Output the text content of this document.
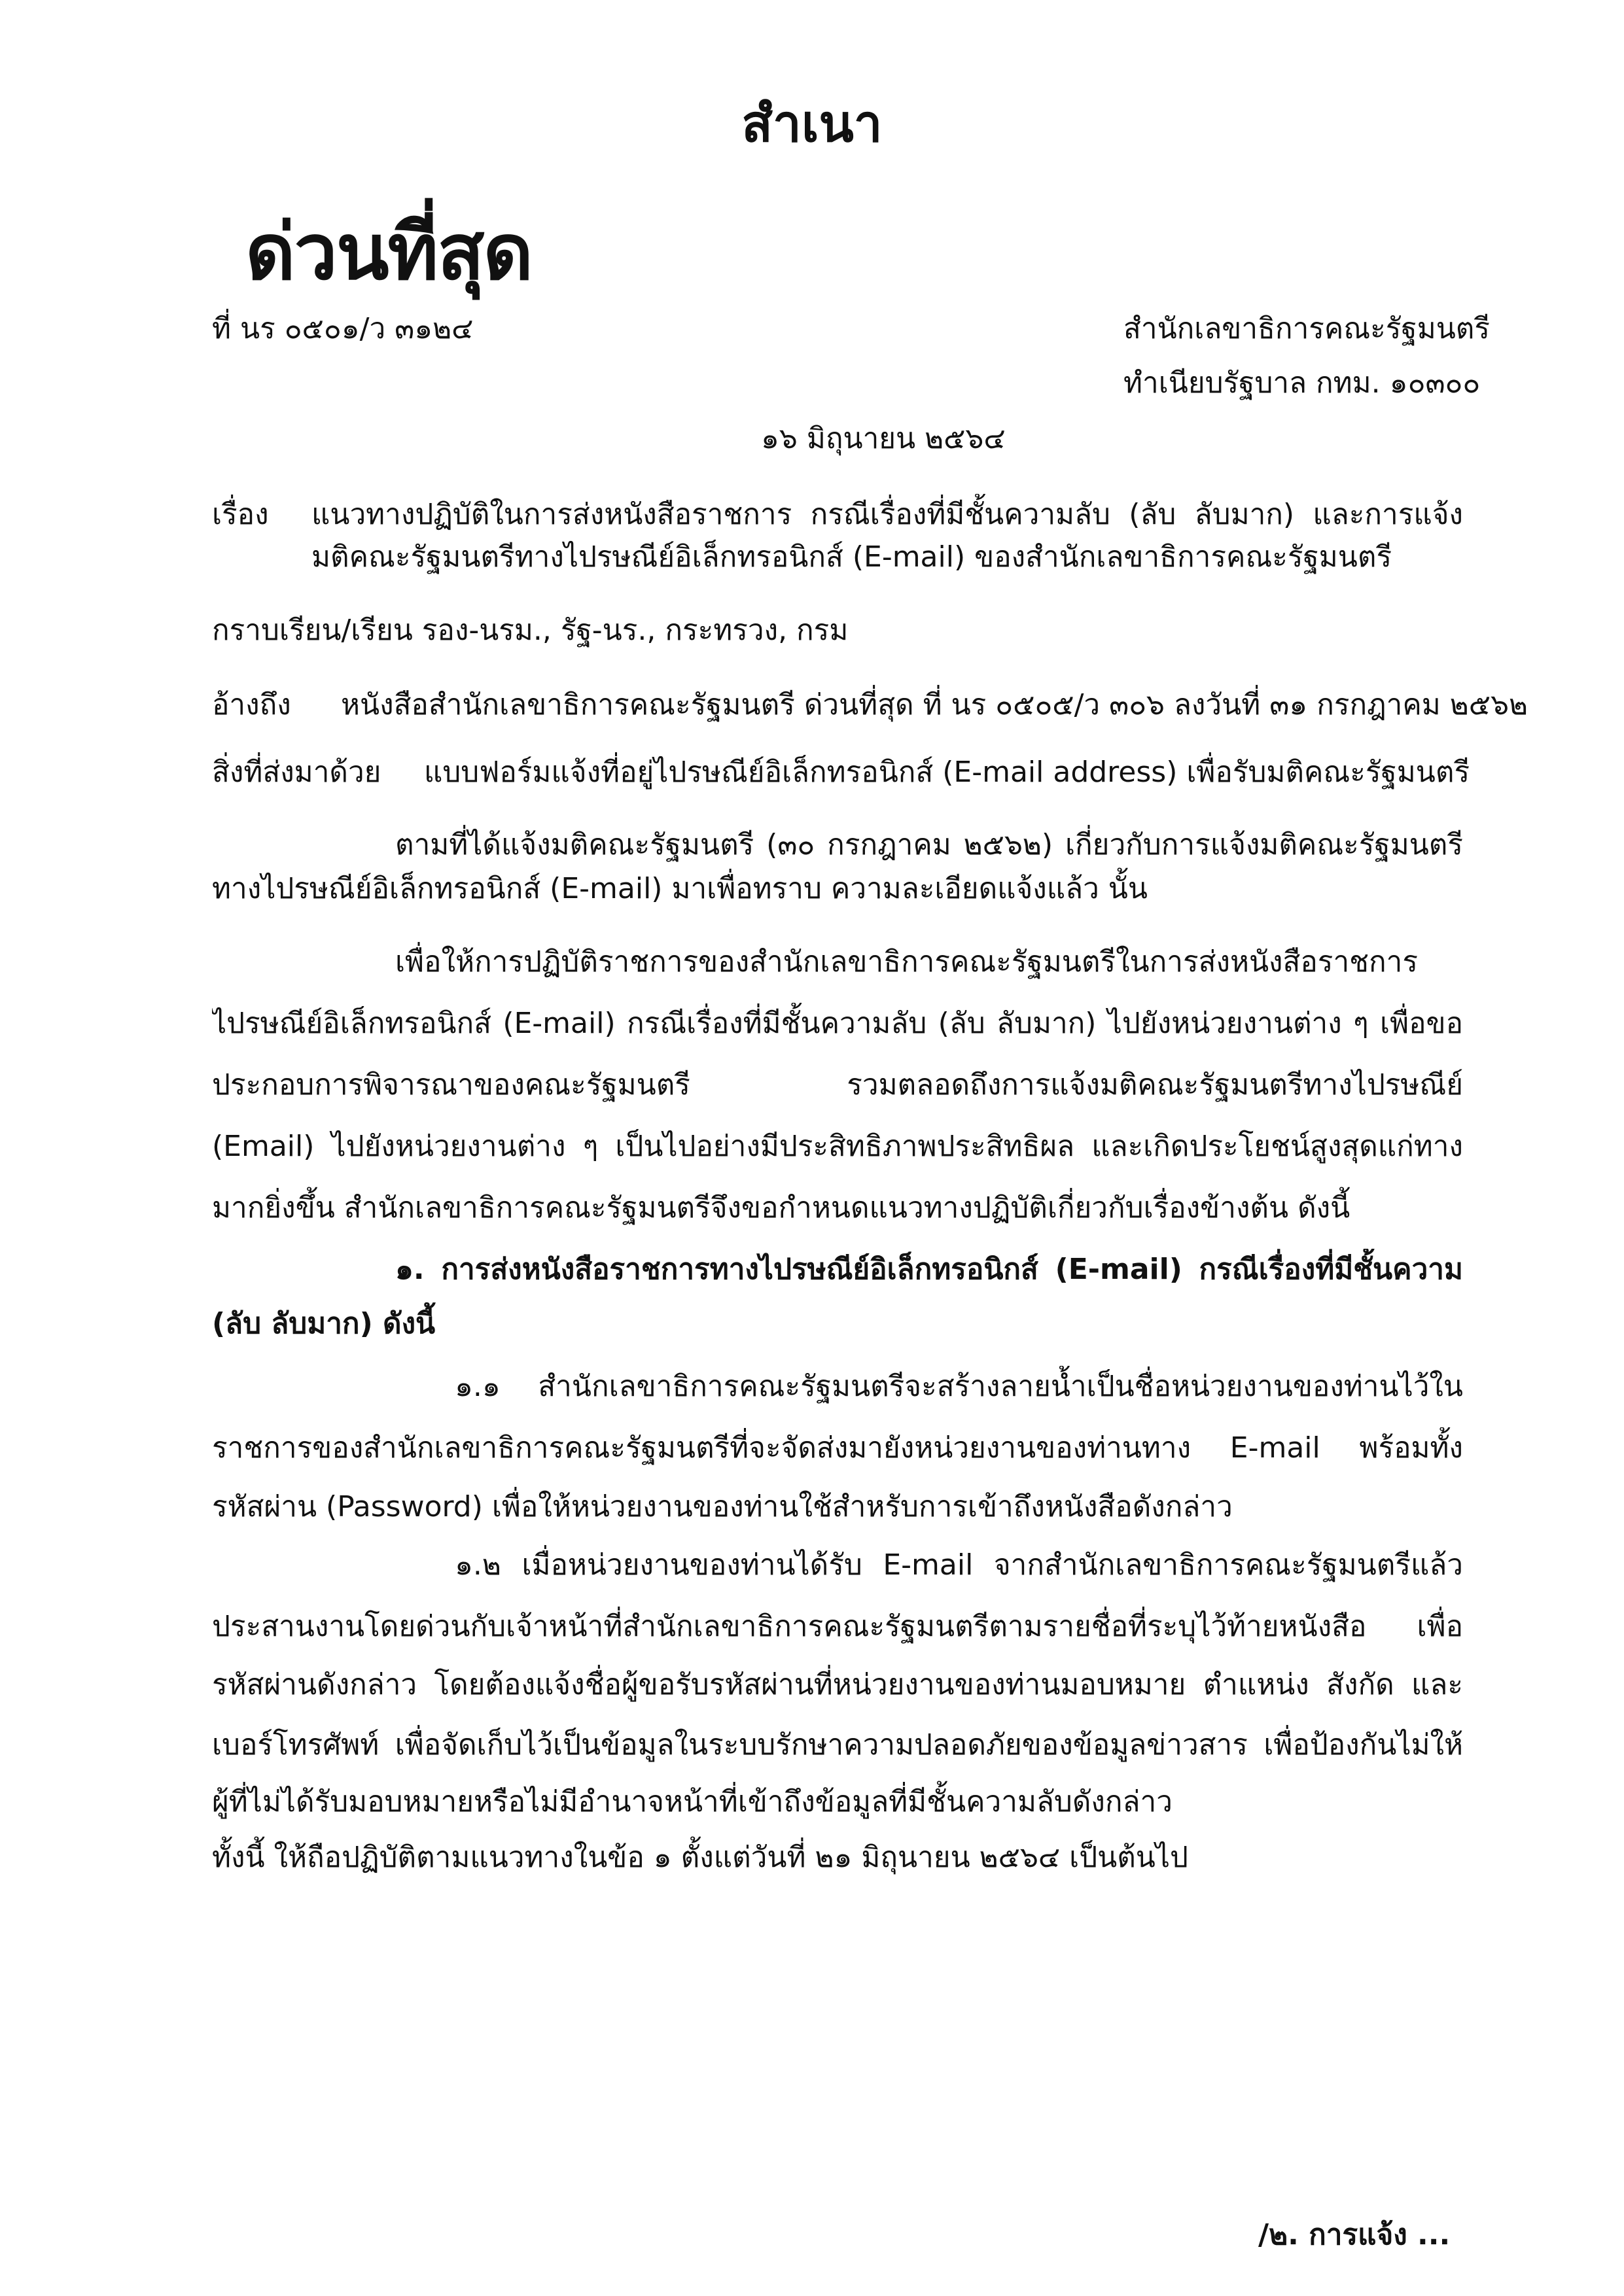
สำเนา
ด่วนที่สุด
ที่ นร ๐๕๐๑/ว ๓๑๒๔	สำนักเลขาธิการคณะรัฐมนตรี
ทำเนียบรัฐบาล กทม. ๑๐๓๐๐
๑๖ มิถุนายน ๒๕๖๔
เรื่อง แนวทางปฏิบัติในการส่งหนังสือราชการ กรณีเรื่องที่มีชั้นความลับ (ลับ ลับมาก) และการแจ้ง
มติคณะรัฐมนตรีทางไปรษณีย์อิเล็กทรอนิกส์ (E-mail) ของสำนักเลขาธิการคณะรัฐมนตรี
กราบเรียน/เรียน รอง-นรม., รัฐ-นร., กระทรวง, กรม
อ้างถึง หนังสือสำนักเลขาธิการคณะรัฐมนตรี ด่วนที่สุด ที่ นร ๐๕๐๕/ว ๓๐๖ ลงวันที่ ๓๑ กรกฎาคม ๒๕๖๒
สิ่งที่ส่งมาด้วย แบบฟอร์มแจ้งที่อยู่ไปรษณีย์อิเล็กทรอนิกส์ (E-mail address) เพื่อรับมติคณะรัฐมนตรี
ตามที่ได้แจ้งมติคณะรัฐมนตรี (๓๐ กรกฎาคม ๒๕๖๒) เกี่ยวกับการแจ้งมติคณะรัฐมนตรี
ทางไปรษณีย์อิเล็กทรอนิกส์ (E-mail) มาเพื่อทราบ ความละเอียดแจ้งแล้ว นั้น
เพื่อให้การปฏิบัติราชการของสำนักเลขาธิการคณะรัฐมนตรีในการส่งหนังสือราชการ
ไปรษณีย์อิเล็กทรอนิกส์ (E-mail) กรณีเรื่องที่มีชั้นความลับ (ลับ ลับมาก) ไปยังหน่วยงานต่าง ๆ เพื่อขอ
ประกอบการพิจารณาของคณะรัฐมนตรี รวมตลอดถึงการแจ้งมติคณะรัฐมนตรีทางไปรษณีย์
(Email) ไปยังหน่วยงานต่าง ๆ เป็นไปอย่างมีประสิทธิภาพประสิทธิผล และเกิดประโยชน์สูงสุดแก่ทาง
มากยิ่งขึ้น สำนักเลขาธิการคณะรัฐมนตรีจึงขอกำหนดแนวทางปฏิบัติเกี่ยวกับเรื่องข้างต้น ดังนี้
๑. การส่งหนังสือราชการทางไปรษณีย์อิเล็กทรอนิกส์ (E-mail) กรณีเรื่องที่มีชั้นความ
(ลับ ลับมาก) ดังนี้
๑.๑ สำนักเลขาธิการคณะรัฐมนตรีจะสร้างลายน้ำเป็นชื่อหน่วยงานของท่านไว้ใน
ราชการของสำนักเลขาธิการคณะรัฐมนตรีที่จะจัดส่งมายังหน่วยงานของท่านทาง E-mail พร้อมทั้ง
รหัสผ่าน (Password) เพื่อให้หน่วยงานของท่านใช้สำหรับการเข้าถึงหนังสือดังกล่าว
๑.๒ เมื่อหน่วยงานของท่านได้รับ E-mail จากสำนักเลขาธิการคณะรัฐมนตรีแล้ว
ประสานงานโดยด่วนกับเจ้าหน้าที่สำนักเลขาธิการคณะรัฐมนตรีตามรายชื่อที่ระบุไว้ท้ายหนังสือ เพื่อ
รหัสผ่านดังกล่าว โดยต้องแจ้งชื่อผู้ขอรับรหัสผ่านที่หน่วยงานของท่านมอบหมาย ตำแหน่ง สังกัด และ
เบอร์โทรศัพท์ เพื่อจัดเก็บไว้เป็นข้อมูลในระบบรักษาความปลอดภัยของข้อมูลข่าวสาร เพื่อป้องกันไม่ให้
ผู้ที่ไม่ได้รับมอบหมายหรือไม่มีอำนาจหน้าที่เข้าถึงข้อมูลที่มีชั้นความลับดังกล่าว
ทั้งนี้ ให้ถือปฏิบัติตามแนวทางในข้อ ๑ ตั้งแต่วันที่ ๒๑ มิถุนายน ๒๕๖๔ เป็นต้นไป
/๒. การแจ้ง ...
